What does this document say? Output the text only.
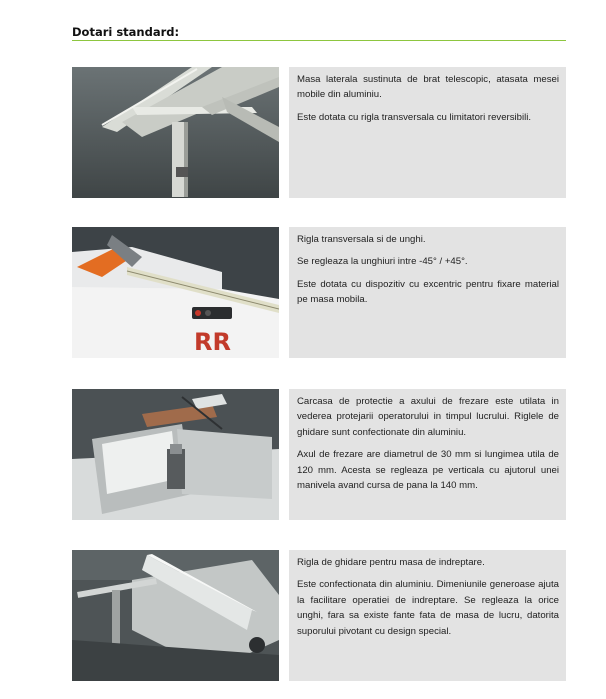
Dotari standard:

Masa laterala sustinuta de brat telescopic, atasata mesei mobile din aluminiu.

Este dotata cu rigla transversala cu limitatori reversibili.

RR

Rigla transversala si de unghi.

Se regleaza la unghiuri intre -45° / +45°.

Este dotata cu dispozitiv cu excentric pentru fixare material pe masa mobila.

Carcasa de protectie a axului de frezare este utilata in vederea protejarii operatorului in timpul lucrului. Riglele de ghidare sunt confectionate din aluminiu.

Axul de frezare are diametrul de 30 mm si lungimea utila de 120 mm. Acesta se regleaza pe verticala cu ajutorul unei manivela avand cursa de pana la 140 mm.

Rigla de ghidare pentru masa de indreptare.

Este confectionata din aluminiu. Dimeniunile generoase ajuta la facilitare operatiei de indreptare. Se regleaza la orice unghi, fara sa existe fante fata de masa de lucru, datorita suporului pivotant cu design special.
